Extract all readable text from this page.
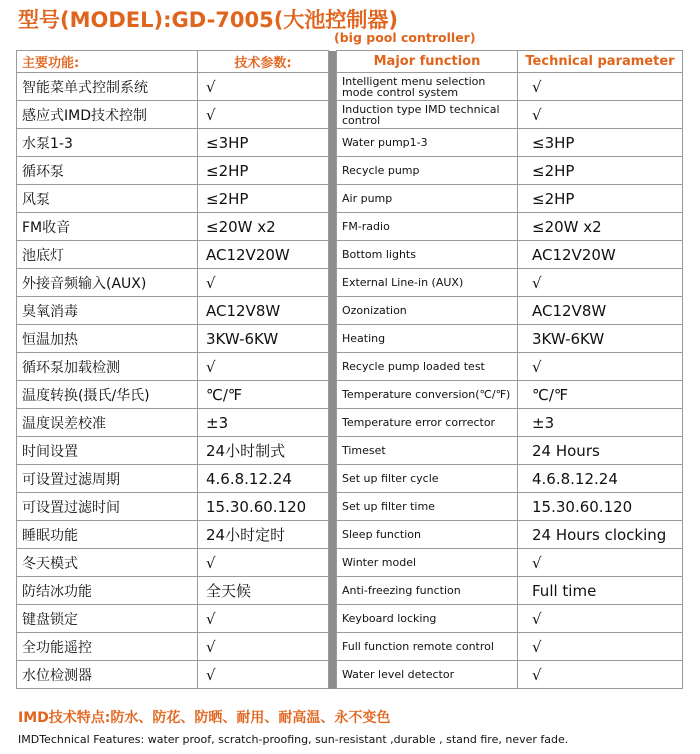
型号(MODEL):GD-7005(大池控制器)
(big pool controller)
主要功能:	技术参数:		Major function	Technical parameter
智能菜单式控制系统	√		Intelligent menu selection mode control system	√
感应式IMD技术控制	√		Induction type IMD technical control	√
水泵1-3	≤3HP		Water pump1-3	≤3HP
循环泵	≤2HP		Recycle pump	≤2HP
风泵	≤2HP		Air pump	≤2HP
FM收音	≤20W x2		FM-radio	≤20W x2
池底灯	AC12V20W		Bottom lights	AC12V20W
外接音频输入(AUX)	√		External Line-in (AUX)	√
臭氧消毒	AC12V8W		Ozonization	AC12V8W
恒温加热	3KW-6KW		Heating	3KW-6KW
循环泵加载检测	√		Recycle pump loaded test	√
温度转换(摄氏/华氏)	℃/℉		Temperature conversion(℃/℉)	℃/℉
温度误差校准	±3		Temperature error corrector	±3
时间设置	24小时制式		Timeset	24 Hours
可设置过滤周期	4.6.8.12.24		Set up filter cycle	4.6.8.12.24
可设置过滤时间	15.30.60.120		Set up filter time	15.30.60.120
睡眠功能	24小时定时		Sleep function	24 Hours clocking
冬天模式	√		Winter model	√
防结冰功能	全天候		Anti-freezing function	Full time
键盘锁定	√		Keyboard locking	√
全功能遥控	√		Full function remote control	√
水位检测器	√		Water level detector	√
IMD技术特点:防水、防花、防晒、耐用、耐高温、永不变色
IMDTechnical Features: water proof, scratch-proofing, sun-resistant ,durable , stand fire, never fade.
